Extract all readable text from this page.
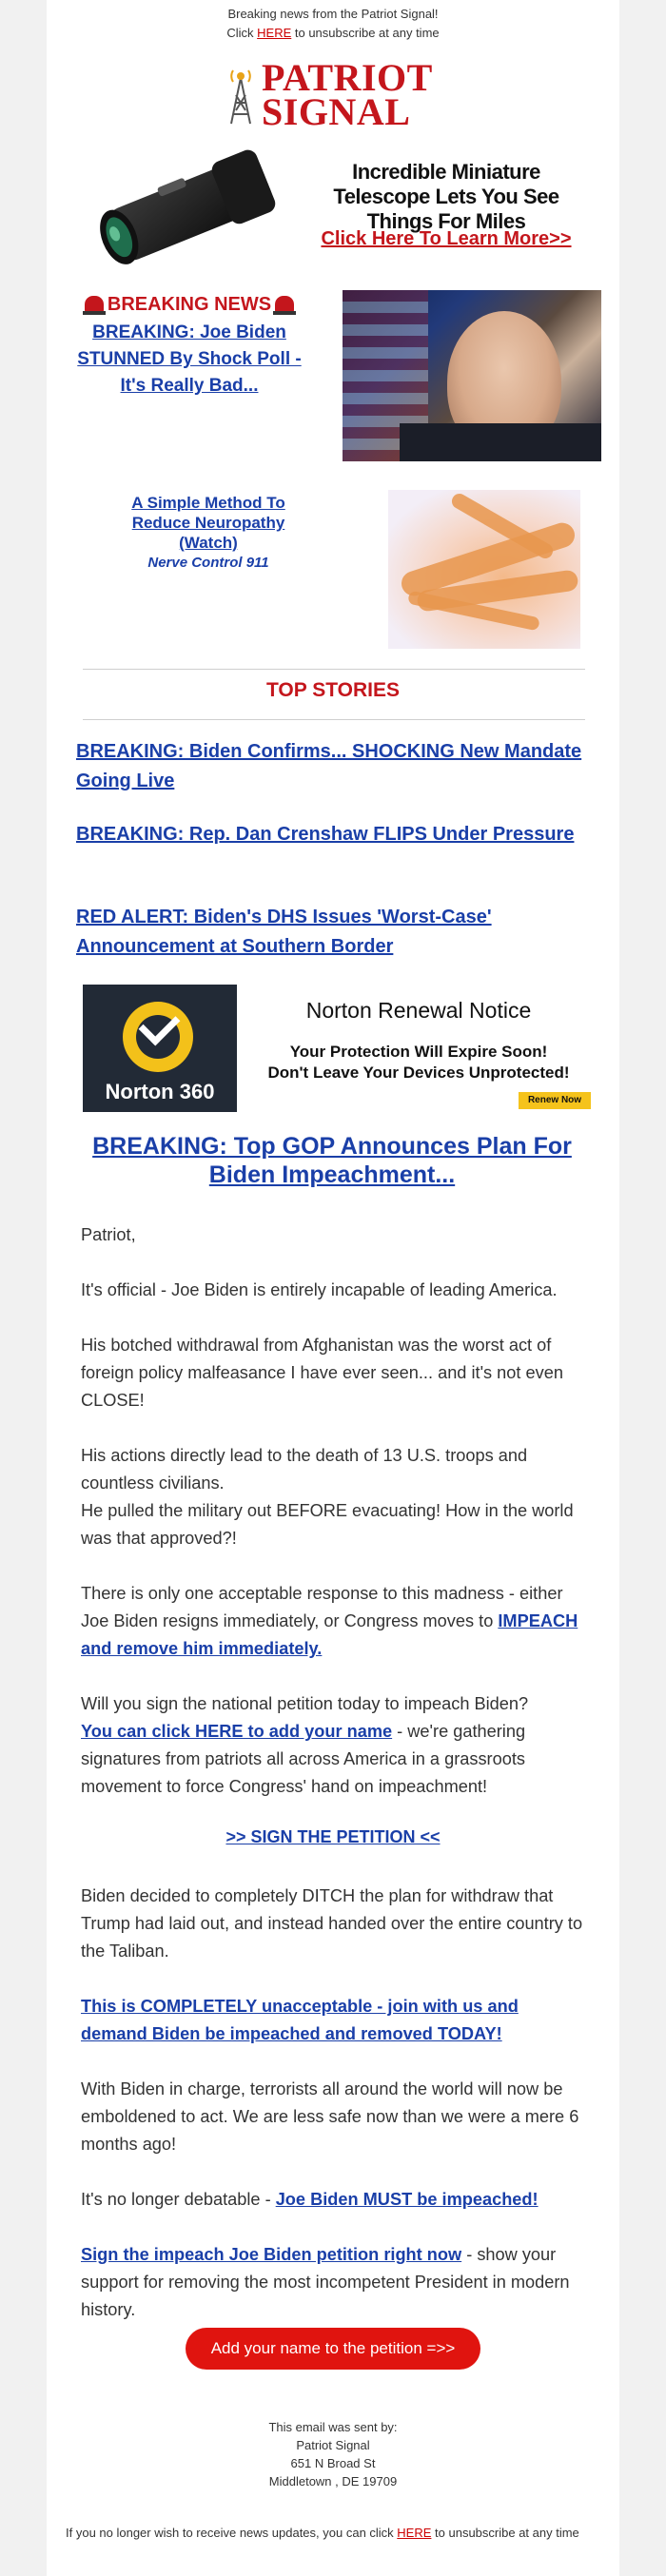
Breaking news from the Patriot Signal!
Click HERE to unsubscribe at any time
PATRIOT
SIGNAL
Incredible Miniature Telescope Lets You See Things For Miles
Click Here To Learn More>>
BREAKING NEWS
BREAKING: Joe Biden STUNNED By Shock Poll - It's Really Bad...
A Simple Method To Reduce Neuropathy (Watch)
Nerve Control 911
TOP STORIES
BREAKING: Biden Confirms... SHOCKING New Mandate Going Live
BREAKING: Rep. Dan Crenshaw FLIPS Under Pressure
RED ALERT: Biden's DHS Issues 'Worst-Case' Announcement at Southern Border
Norton 360
Norton Renewal Notice
Your Protection Will Expire Soon!
Don't Leave Your Devices Unprotected!
Renew Now
BREAKING: Top GOP Announces Plan For Biden Impeachment...
Patriot,
It's official - Joe Biden is entirely incapable of leading America.
His botched withdrawal from Afghanistan was the worst act of foreign policy malfeasance I have ever seen... and it's not even CLOSE!

His actions directly lead to the death of 13 U.S. troops and countless civilians.

He pulled the military out BEFORE evacuating! How in the world was that approved?!

There is only one acceptable response to this madness - either Joe Biden resigns immediately, or Congress moves to IMPEACH and remove him immediately.

Will you sign the national petition today to impeach Biden?

You can click HERE to add your name - we're gathering signatures from patriots all across America in a grassroots movement to force Congress' hand on impeachment!

>> SIGN THE PETITION <<
Biden decided to completely DITCH the plan for withdraw that Trump had laid out, and instead handed over the entire country to the Taliban.
This is COMPLETELY unacceptable - join with us and demand Biden be impeached and removed TODAY!
With Biden in charge, terrorists all around the world will now be emboldened to act. We are less safe now than we were a mere 6 months ago!
It's no longer debatable - Joe Biden MUST be impeached!
Sign the impeach Joe Biden petition right now - show your support for removing the most incompetent President in modern history.
Add your name to the petition =>>
This email was sent by:
Patriot Signal
651 N Broad St
Middletown , DE 19709
If you no longer wish to receive news updates, you can click HERE to unsubscribe at any time
